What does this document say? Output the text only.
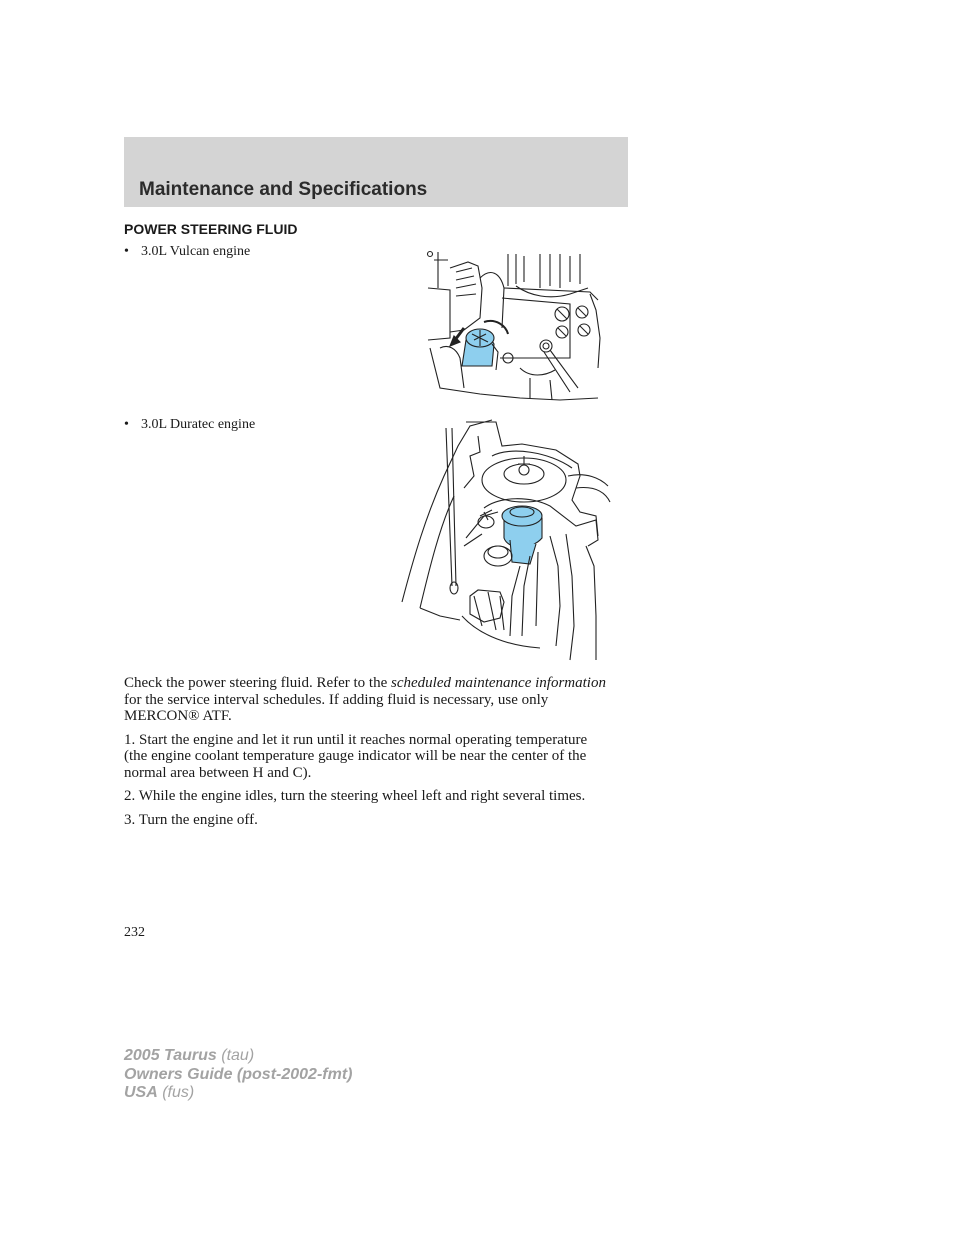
Maintenance and Specifications
POWER STEERING FLUID
• 3.0L Vulcan engine
• 3.0L Duratec engine

Check the power steering fluid. Refer to the scheduled maintenance information for the service interval schedules. If adding fluid is necessary, use only MERCON® ATF.

1. Start the engine and let it run until it reaches normal operating temperature (the engine coolant temperature gauge indicator will be near the center of the normal area between H and C).

2. While the engine idles, turn the steering wheel left and right several times.

3. Turn the engine off.

232
2005 Taurus (tau)
Owners Guide (post-2002-fmt)
USA (fus)
